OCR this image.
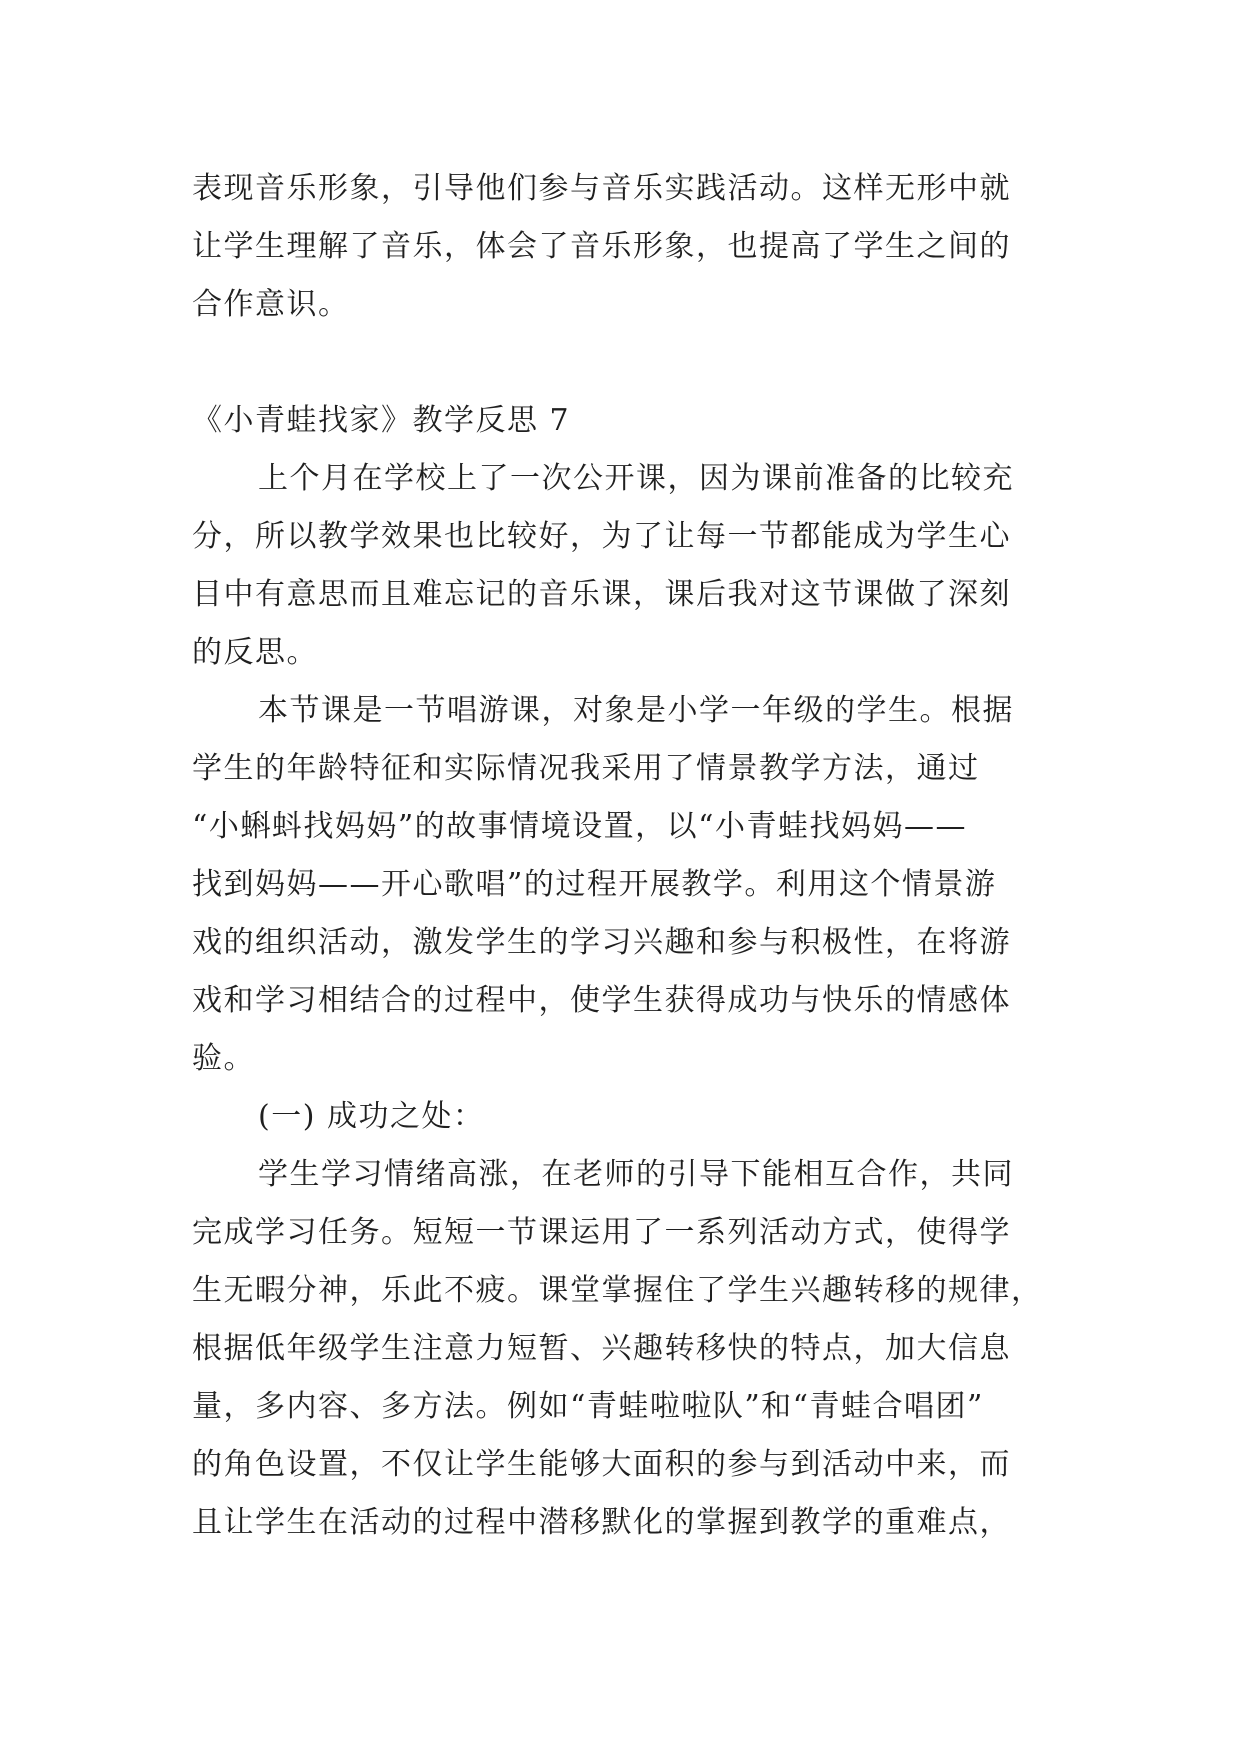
表现音乐形象，引导他们参与音乐实践活动。这样无形中就
让学生理解了音乐，体会了音乐形象，也提高了学生之间的
合作意识。
《小青蛙找家》教学反思 7
上个月在学校上了一次公开课，因为课前准备的比较充
分，所以教学效果也比较好，为了让每一节都能成为学生心
目中有意思而且难忘记的音乐课，课后我对这节课做了深刻
的反思。
本节课是一节唱游课，对象是小学一年级的学生。根据
学生的年龄特征和实际情况我采用了情景教学方法，通过
“小蝌蚪找妈妈”的故事情境设置，以“小青蛙找妈妈——
找到妈妈——开心歌唱”的过程开展教学。利用这个情景游
戏的组织活动，激发学生的学习兴趣和参与积极性，在将游
戏和学习相结合的过程中，使学生获得成功与快乐的情感体
验。
(一) 成功之处：
学生学习情绪高涨，在老师的引导下能相互合作，共同
完成学习任务。短短一节课运用了一系列活动方式，使得学
生无暇分神，乐此不疲。课堂掌握住了学生兴趣转移的规律，
根据低年级学生注意力短暂、兴趣转移快的特点，加大信息
量，多内容、多方法。例如“青蛙啦啦队”和“青蛙合唱团”
的角色设置，不仅让学生能够大面积的参与到活动中来，而
且让学生在活动的过程中潜移默化的掌握到教学的重难点，
